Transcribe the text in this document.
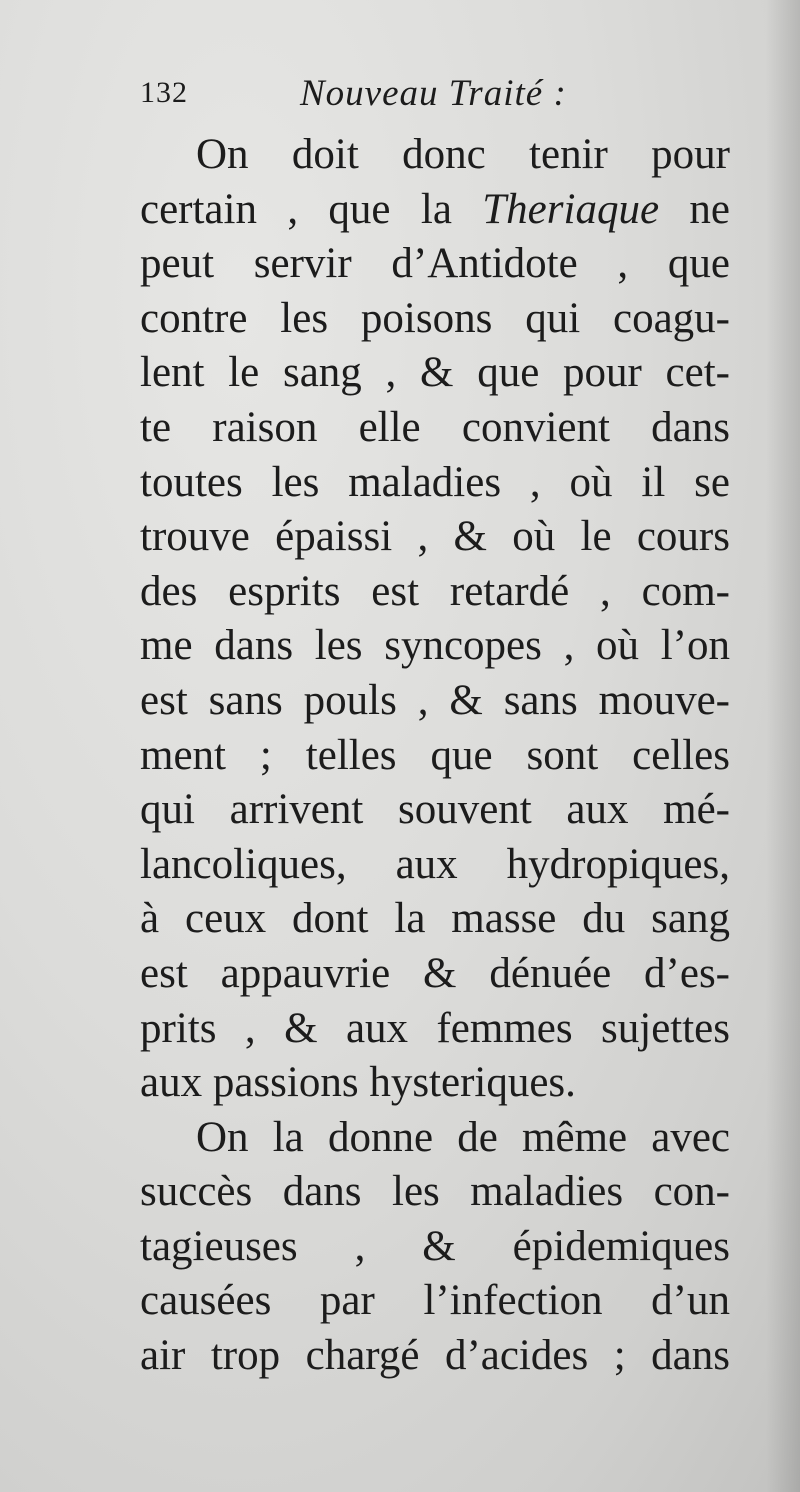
132	Nouveau Traité :
On doit donc tenir pour
certain , que la Theriaque ne
peut servir d’Antidote , que
contre les poisons qui coagu-
lent le sang , & que pour cet-
te raison elle convient dans
toutes les maladies , où il se
trouve épaissi , & où le cours
des esprits est retardé , com-
me dans les syncopes , où l’on
est sans pouls , & sans mouve-
ment ; telles que sont celles
qui arrivent souvent aux mé-
lancoliques, aux hydropiques,
à ceux dont la masse du sang
est appauvrie & dénuée d’es-
prits , & aux femmes sujettes
aux passions hysteriques.
On la donne de même avec
succès dans les maladies con-
tagieuses , & épidemiques
causées par l’infection d’un
air trop chargé d’acides ; dans
